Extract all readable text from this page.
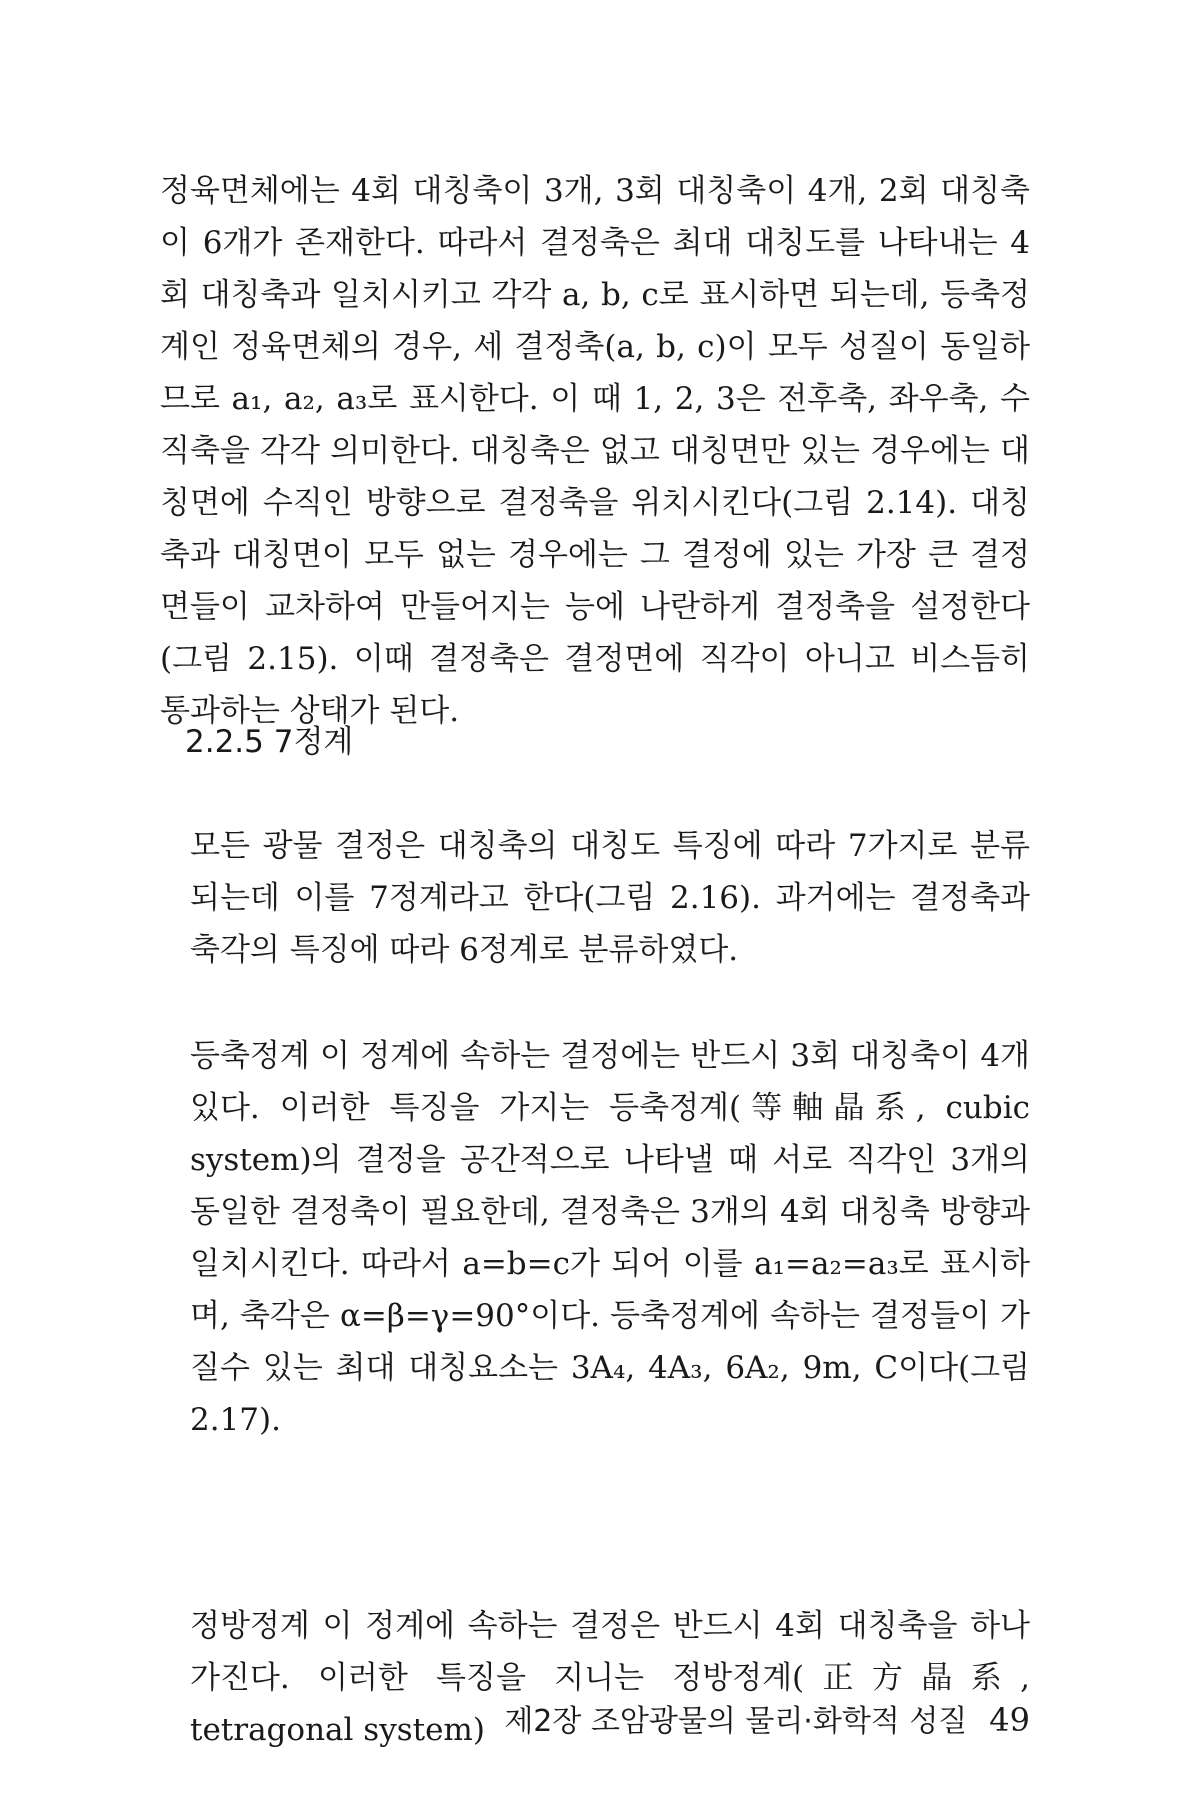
정육면체에는 4회 대칭축이 3개, 3회 대칭축이 4개, 2회 대칭축이 6개가 존재한다. 따라서 결정축은 최대 대칭도를 나타내는 4회 대칭축과 일치시키고 각각 a, b, c로 표시하면 되는데, 등축정계인 정육면체의 경우, 세 결정축(a, b, c)이 모두 성질이 동일하므로 a₁, a₂, a₃로 표시한다. 이 때 1, 2, 3은 전후축, 좌우축, 수직축을 각각 의미한다. 대칭축은 없고 대칭면만 있는 경우에는 대칭면에 수직인 방향으로 결정축을 위치시킨다(그림 2.14). 대칭축과 대칭면이 모두 없는 경우에는 그 결정에 있는 가장 큰 결정면들이 교차하여 만들어지는 능에 나란하게 결정축을 설정한다(그림 2.15). 이때 결정축은 결정면에 직각이 아니고 비스듬히 통과하는 상태가 된다.

2.2.5 7정계

모든 광물 결정은 대칭축의 대칭도 특징에 따라 7가지로 분류되는데 이를 7정계라고 한다(그림 2.16). 과거에는 결정축과 축각의 특징에 따라 6정계로 분류하였다.

등축정계 이 정계에 속하는 결정에는 반드시 3회 대칭축이 4개 있다. 이러한 특징을 가지는 등축정계(等軸晶系, cubic system)의 결정을 공간적으로 나타낼 때 서로 직각인 3개의 동일한 결정축이 필요한데, 결정축은 3개의 4회 대칭축 방향과 일치시킨다. 따라서 a=b=c가 되어 이를 a₁=a₂=a₃로 표시하며, 축각은 α=β=γ=90°이다. 등축정계에 속하는 결정들이 가질수 있는 최대 대칭요소는 3A₄, 4A₃, 6A₂, 9m, C이다(그림 2.17).

정방정계 이 정계에 속하는 결정은 반드시 4회 대칭축을 하나 가진다. 이러한 특징을 지니는 정방정계(正方晶系, tetragonal system) 제2장 조암광물의 물리·화학적 성질 49
